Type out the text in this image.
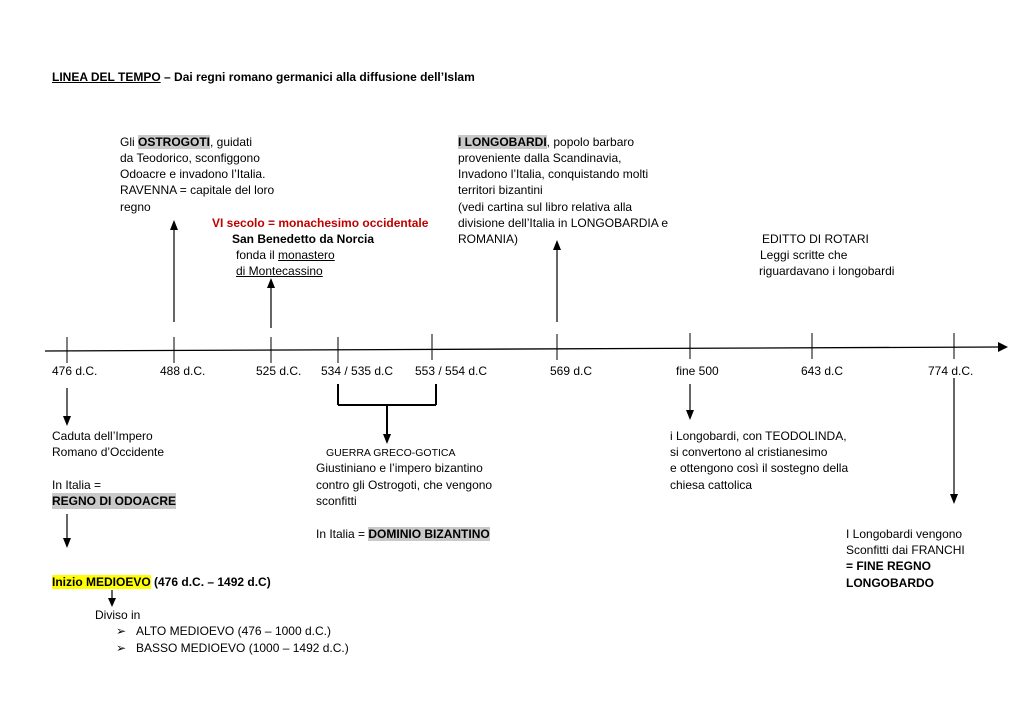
LINEA DEL TEMPO – Dai regni romano germanici alla diffusione dell’Islam
Gli OSTROGOTI, guidati
da Teodorico, sconfiggono
Odoacre e invadono l’Italia.
RAVENNA = capitale del loro
regno
VI secolo = monachesimo occidentale
San Benedetto da Norcia
fonda il monastero
di Montecassino
I LONGOBARDI, popolo barbaro
proveniente dalla Scandinavia,
Invadono l’Italia, conquistando molti
territori bizantini
(vedi cartina sul libro relativa alla
divisione dell’Italia in LONGOBARDIA e
ROMANIA)	EDITTO DI ROTARI
Leggi scritte che
riguardavano i longobardi
476 d.C.	488 d.C.	525 d.C. 534 / 535 d.C 553 / 554 d.C	569 d.C	fine 500	643 d.C	774 d.C.
Caduta dell’Impero
Romano d’Occidente
In Italia =
REGNO DI ODOACRE
GUERRA GRECO-GOTICA
Giustiniano e l’impero bizantino
contro gli Ostrogoti, che vengono
sconfitti
In Italia = DOMINIO BIZANTINO
i Longobardi, con TEODOLINDA,
si convertono al cristianesimo
e ottengono così il sostegno della
chiesa cattolica
I Longobardi vengono
Sconfitti dai FRANCHI
= FINE REGNO
LONGOBARDO
Inizio MEDIOEVO (476 d.C. – 1492 d.C)
Diviso in
➢ ALTO MEDIOEVO (476 – 1000 d.C.)
➢ BASSO MEDIOEVO (1000 – 1492 d.C.)
